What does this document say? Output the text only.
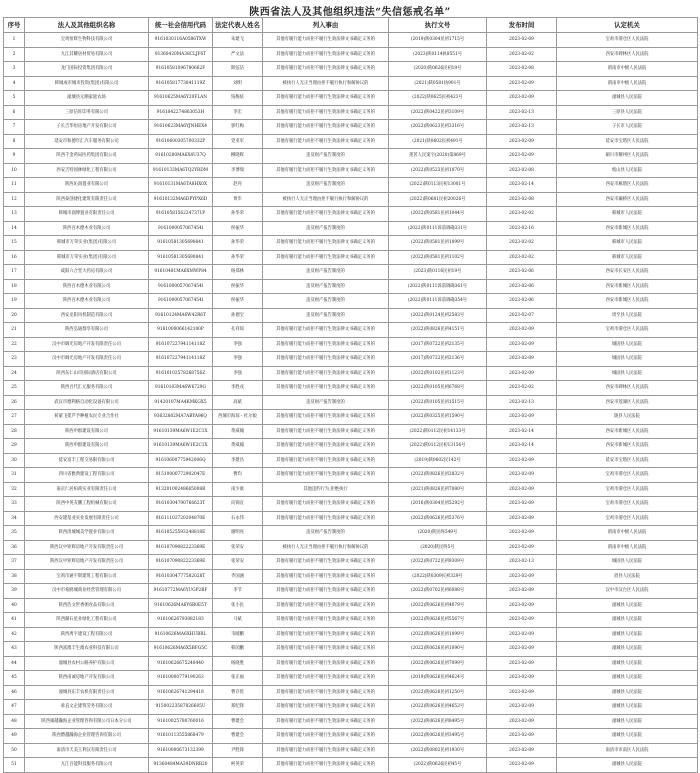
陕西省法人及其他组织违法“失信惩戒名单”
序号	法人及其他组织名称	统一社会信用代码	法定代表人姓名	列入事由	执行文号	发布时间	认定机关
1	宝鸡恒辉生物科技有限公司	9161030116A0586TXW	朱建飞	其他有履行能力而拒不履行生效法律文书确定义务的	(2019)陕0304民初1715号	2023-02-09	宝鸡市渭仓区人民法院
2	九江其耀居材贸易有限公司	91360420MA38CLJF6T	严文法	其他有履行能力而拒不履行生效法律文书确定义务的	(2023)陕0114执8551号	2023-02-02	西安市碑林区人民法院
3	龙门国际投资集团有限公司	91610581096780662F	斯弦洁	其他有履行能力而拒不履行生效法律文书确定义务的	(2020)陕0626民初19号	2023-02-08	渭南市中级人民法院
4	韩城成市城市投资(集团)有限公司	91610581773841119Z	刘明	被执行人无正当理由拒不履行执行和解协议的	(2021)陕0581执901号	2023-02-09	渭南市中级人民法院
5	潼城县元顺家庭农场	91610625MA6Y20FLAN	钱梅炫	其他有履行能力而拒不履行生效法律文书确定义务的	(2022)陕0625民初423号	2023-02-09	潼城县人民法院
6	三原信旺印务有限公司	9161042274863053H	李宏	其他有履行能力而拒不履行生效法律文书确定义务的	(2022)陕0422民初3109号	2023-02-13	三原县人民法院
7	子长吉华恒房地产开发有限公司	91610623MA6YJNHEX4	郭红梅	其他有履行能力而拒不履行生效法律文书确定义务的	(2022)陕0623民初3316号	2023-02-13	子长市人民法院
8	延安市和德年汇汽车服务有限公司	91610600305700332P	党亚军	其他有履行能力而拒不履行生效法律文书确定义务的	(2021)陕0602民初491号	2023-02-09	延安市宝塔区人民法院
9	陕西千金药局医药集团有限公司	91610200MA6X4U37Q	柳晓辉	违反财产报告制度的	莲茗人民案字(2020)第869号	2023-02-09	铜川市耀州区人民法院
10	西安吉特园林绿化工程有限公司	91610133MA6TQ2YRDM	李博瑞	其他有履行能力而拒不履行生效法律文书确定义务的	(2022)陕0523民初1070号	2023-02-08	岐山县人民法院
11	陕西沁润置业有限公司	91610131MA6TA8HX0X	赵亮	违反财产报告制度的	(2022)陕0113民初13001号	2023-02-14	西安市雁塔区人民法院
12	陕西泰创捷化建筑有限责任公司	91610132MA6DPYPX6D	黄毕	被执行人无正当理由拒不履行执行和解协议的	(2022)陕0681民初20026号	2023-02-08	西安市灞桥区人民法院
13	韩城市润博置业有限责任公司	91610581562247371P	孙华荣	其他有履行能力而拒不履行生效法律文书确定义务的	(2022)陕0581民初1044号	2023-02-02	韩城市人民法院
14	陕西百木德木业有限公司	9161000057067454l	侯振华	违反财产报告制度的	(2022)陕0111诉前调确331号	2023-02-16	西安市新城区人民法院
15	韩城市万荣实业(集团)有限公司	91610581305690841	孙华荣	其他有履行能力而拒不履行生效法律文书确定义务的	(2022)陕0581民初1099号	2023-02-02	韩城市人民法院
16	韩城市万荣实业(集团)有限公司	91610581305690841	孙华荣	其他有履行能力而拒不履行生效法律文书确定义务的	(2022)陕0581民初1102号	2023-02-02	韩城市人民法院
17	咸阳六合堂大药房有限公司	91610481MA6XMWP84	杨郑林	违反财产报告制度的	(2023)陕0116民初19号	2023-02-06	西安市长安区人民法院
18	陕西百木德木业有限公司	9161000057067454l	侯振华	违反财产报告制度的	(2022)陕0111诉前调确361号	2023-02-06	西安市新城区人民法院
19	陕西百木德木业有限公司	9161000057067454l	侯振华	违反财产报告制度的	(2022)陕0111诉前调确354号	2023-02-06	西安市新城区人民法院
20	西安龙阳风机制造有限公司	91610124MA6W42R6T	孙德宝	违反财产报告制度的	(2022)陕0124民初2583号	2023-02-07	周至县人民法院
21	陕西弘通群享有限公司	9161000066142100P	孔祥琼	其他有履行能力而拒不履行生效法律文书确定义务的	(2022)陕0826民初4151号	2023-02-09	宝鸡市渭仓区人民法院
22	汉中市阔光房地产开发有限责任公司	91610722794114118Z	李强	其他有履行能力而拒不履行生效法律文书确定义务的	(2017)陕0722民初2135号	2023-02-09	城固县人民法院
23	汉中市阔光房地产开发有限责任公司	91610722794114118Z	李强	其他有履行能力而拒不履行生效法律文书确定义务的	(2017)陕0722民初2136号	2023-02-09	城固县人民法院
24	陕西东仁山市国际酒店有限公司	91610102578268756Z	李强	其他有履行能力而拒不履行生效法律文书确定义务的	(2022)陕0102民初1123号	2023-02-09	城固县人民法院
25	陕西百代汇元服务有限公司	91610103MA6W6729G	李胜戎	其他有履行能力而拒不履行生效法律文书确定义务的	(2022)陕0105民初6768号	2023-02-02	西安市碑林区人民法院
26	武汉市德利格自动化设备有限公司	91420107MA4KMKGX5	高斌	违反财产报告制度的	(2022)陕0105民初1515号	2023-02-13	西安市莲湖区人民法院
27	荷蒙飞架芦予种植农民专业合作社	93632802MA7ABYA96Q	西城市海琼・杜尔娘	其他有履行能力而拒不履行生效法律文书确定义务的	(2022)陕0325民初1590号	2023-02-09	陇县人民法院
28	陕西申群建设有限公司	91610139MA6W1E2C1X	黄威翰	其他有履行能力而拒不履行生效法律文书确定义务的	(2022)陕0112民初14133号	2023-02-14	西安市新城区人民法院
29	陕西申群建设有限公司	91610139MA6W1E2C1X	黄威翰	其他有履行能力而拒不履行生效法律文书确定义务的	(2022)陕0112民初13156号	2023-02-14	西安市新城区人民法院
30	延安富丰工程交易限有限公司	91610600775942006Q	李建昌	其他有履行能力而拒不履行生效法律文书确定义务的	(2019)陕0602民142号	2023-02-09	延安市宝塔区人民法院
31	四川省雅典建设工程有限公司	91510000772902047E	曹均	其他有履行能力而拒不履行生效法律文书确定义务的	(2022)陕0826民初2832号	2023-02-09	宝鸡市渭仓区人民法院
32	南京仁居柏商实业有限责任公司	91320100248665008R	南少康	其他违约行为,拒绝执行	(2021)陕0826民初7080号	2023-02-09	宝鸡市渭仓区人民法院
33	陕西中英友鹏工程机械有限公司	91610304790766623T	向锦宣	其他有履行能力而拒不履行生效法律文书确定义务的	(2016)陕0304民初5292号	2023-02-09	宝鸡市渭仓区人民法院
34	西安建基业实业发展有限责任公司	91611102720204870E	石永伟	其他有履行能力而拒不履行生效法律文书确定义务的	(2022)陕0626民初5376号	2023-02-09	宝鸡市渭仓区人民法院
35	陕西清城城美学置业有限公司	91610525593248818E	谢明亮	违反财产报告制度的	(2020)陕民终549号	2023-02-09	渭南市中级人民法院
36	陕西汉中钜辉房地产开发有限责任公司	91610709082223369E	张荣安	被执行人无正当理由拒不履行执行和解协议的	(2020)陕民终5号	2023-02-09	渭南市中级人民法院
37	陕西汉中钜辉房地产开发有限责任公司	91610709082223369E	张荣安	其他有履行能力而拒不履行生效法律文书确定义务的	(2022)陕0722民初9309号	2023-02-13	城固县人民法院
38	宝鸡市通宇斯建筑工程有限公司	91610304777582028T	齐国涵	其他有履行能力而拒不履行生效法律文书确定义务的	(2022)陕0309民初329号	2023-02-09	眉县人民法院
39	汉中市希鸥城商业经营管理有限公司	91610772MA6YUGP2BF	李节	其他有履行能力而拒不履行生效法律文书确定义务的	(2022)陕0702民初6088号	2023-02-09	汉中市汉台区人民法院
40	陕西浩文世香粥食品有限公司	91610626MA6Y6R0E5T	张小民	其他有履行能力而拒不履行生效法律文书确定义务的	(2022)陕0626民初4079号	2023-02-09	潼城县人民法院
41	陕西湖石星业绿化工程有限公司	91610626793082183	马斌	其他有履行能力而拒不履行生效法律文书确定义务的	(2022)陕0626民初5567号	2023-02-09	潼城县人民法院
42	陕西禹宇建设工程有限公司	91610626MA6XHUBRL	韦晴鹏	其他有履行能力而拒不履行生效法律文书确定义务的	(2022)陕0626民初1099号	2023-02-09	潼城县人民法院
43	陕西富澳丰生澳农业科技有限公司	91610626MA6X5BFG5C	韩园鹏	其他有履行能力而拒不履行生效法律文书确定义务的	(2022)陕0626民初1090号	2023-02-09	潼城县人民法院
44	潼城县农村公路养护有限公司	91610626675240440	杨晓胜	其他有履行能力而拒不履行生效法律文书确定义务的	(2022)陕0626民初7099号	2023-02-09	潼城县人民法院
45	陕西南诚房地产开发有限公司	91610000779190263	张正福	其他有履行能力而拒不履行生效法律文书确定义务的	(2019)陕0626民初4624号	2023-02-09	潼城县人民法院
46	潼城县东丰农机有限责任公司	91610626741294418	曹存优	其他有履行能力而拒不履行生效法律文书确定义务的	(2022)陕0626民初1250号	2023-02-09	潼城县人民法院
47	垂直文企建筑劳务有限公司	91500223587826605U	郑纪锋	其他有履行能力而拒不履行生效法律文书确定义务的	(2022)陕0626民初4653号	2023-02-09	潼城县人民法院
48	陕西雍越瀚海企业管理咨询有限公司日本分公司	91610025780760016	曹建会	其他有履行能力而拒不履行生效法律文书确定义务的	(2022)陕0626民初8495号	2023-02-09	潼城县人民法院
49	陕西爵越瀚海企业管理咨询有限公司	91610113555868479	曹建会	其他有履行能力而拒不履行生效法律文书确定义务的	(2022)陕0626民初3495号	2023-02-09	潼城县人民法院
50	南清市天美王利汉有限责任公司	91610000673132399	尹胜锋	其他有履行能力而拒不履行生效法律文书确定义务的	(2022)陕0802民初1930号	2023-02-09	南清市市南区人民法院
51	九江百能科技服务有限公司	91360484MA39DNRB20	柯英荣	其他有履行能力而拒不履行生效法律文书确定义务的	(2022)陕0626民初45号	2023-02-09	潼城县人民法院
